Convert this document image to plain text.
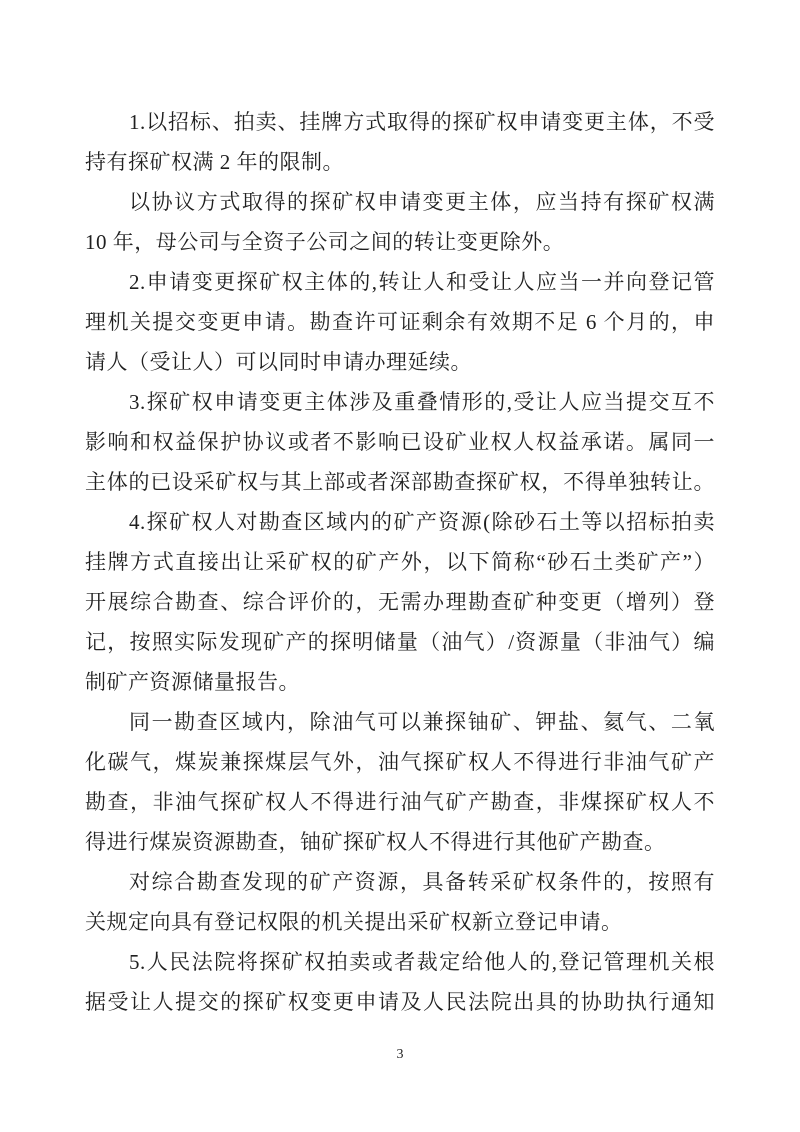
1.以招标、拍卖、挂牌方式取得的探矿权申请变更主体，不受
持有探矿权满 2 年的限制。
以协议方式取得的探矿权申请变更主体，应当持有探矿权满
10 年，母公司与全资子公司之间的转让变更除外。
2.申请变更探矿权主体的,转让人和受让人应当一并向登记管
理机关提交变更申请。勘查许可证剩余有效期不足 6 个月的，申
请人（受让人）可以同时申请办理延续。
3.探矿权申请变更主体涉及重叠情形的,受让人应当提交互不
影响和权益保护协议或者不影响已设矿业权人权益承诺。属同一
主体的已设采矿权与其上部或者深部勘查探矿权，不得单独转让。
4.探矿权人对勘查区域内的矿产资源(除砂石土等以招标拍卖
挂牌方式直接出让采矿权的矿产外，以下简称“砂石土类矿产”）
开展综合勘查、综合评价的，无需办理勘查矿种变更（增列）登
记，按照实际发现矿产的探明储量（油气）/资源量（非油气）编
制矿产资源储量报告。
同一勘查区域内，除油气可以兼探铀矿、钾盐、氦气、二氧
化碳气，煤炭兼探煤层气外，油气探矿权人不得进行非油气矿产
勘查，非油气探矿权人不得进行油气矿产勘查，非煤探矿权人不
得进行煤炭资源勘查，铀矿探矿权人不得进行其他矿产勘查。
对综合勘查发现的矿产资源，具备转采矿权条件的，按照有
关规定向具有登记权限的机关提出采矿权新立登记申请。
5.人民法院将探矿权拍卖或者裁定给他人的,登记管理机关根
据受让人提交的探矿权变更申请及人民法院出具的协助执行通知
3
